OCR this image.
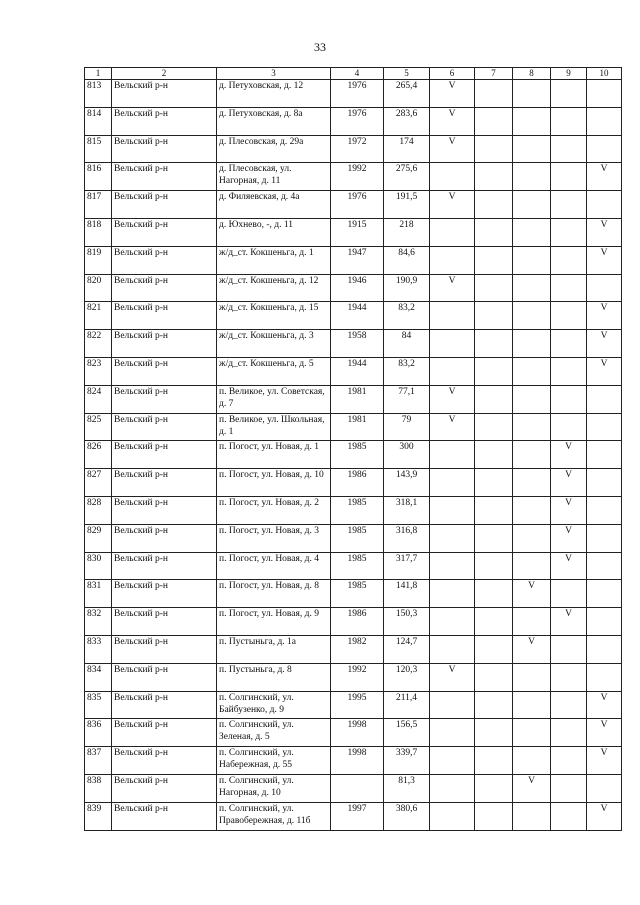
33
1	2	3	4	5	6	7	8	9	10
813	Вельский р-н	д. Петуховская, д. 12	1976	265,4	V				
814	Вельский р-н	д. Петуховская, д. 8а	1976	283,6	V				
815	Вельский р-н	д. Плесовская, д. 29а	1972	174	V				
816	Вельский р-н	д. Плесовская, ул. Нагорная, д. 11	1992	275,6					V
817	Вельский р-н	д. Филяевская, д. 4а	1976	191,5	V				
818	Вельский р-н	д. Юхнево, -, д. 11	1915	218					V
819	Вельский р-н	ж/д_ст. Кокшеньга, д. 1	1947	84,6					V
820	Вельский р-н	ж/д_ст. Кокшеньга, д. 12	1946	190,9	V				
821	Вельский р-н	ж/д_ст. Кокшеньга, д. 15	1944	83,2					V
822	Вельский р-н	ж/д_ст. Кокшеньга, д. 3	1958	84					V
823	Вельский р-н	ж/д_ст. Кокшеньга, д. 5	1944	83,2					V
824	Вельский р-н	п. Великое, ул. Советская, д. 7	1981	77,1	V				
825	Вельский р-н	п. Великое, ул. Школьная, д. 1	1981	79	V				
826	Вельский р-н	п. Погост, ул. Новая, д. 1	1985	300				V	
827	Вельский р-н	п. Погост, ул. Новая, д. 10	1986	143,9				V	
828	Вельский р-н	п. Погост, ул. Новая, д. 2	1985	318,1				V	
829	Вельский р-н	п. Погост, ул. Новая, д. 3	1985	316,8				V	
830	Вельский р-н	п. Погост, ул. Новая, д. 4	1985	317,7				V	
831	Вельский р-н	п. Погост, ул. Новая, д. 8	1985	141,8			V		
832	Вельский р-н	п. Погост, ул. Новая, д. 9	1986	150,3				V	
833	Вельский р-н	п. Пустыньга, д. 1а	1982	124,7			V		
834	Вельский р-н	п. Пустыньга, д. 8	1992	120,3	V				
835	Вельский р-н	п. Солгинский, ул. Байбузенко, д. 9	1995	211,4					V
836	Вельский р-н	п. Солгинский, ул. Зеленая, д. 5	1998	156,5					V
837	Вельский р-н	п. Солгинский, ул. Набережная, д. 55	1998	339,7					V
838	Вельский р-н	п. Солгинский, ул. Нагорная, д. 10		81,3			V		
839	Вельский р-н	п. Солгинский, ул. Правобережная, д. 11б	1997	380,6					V
